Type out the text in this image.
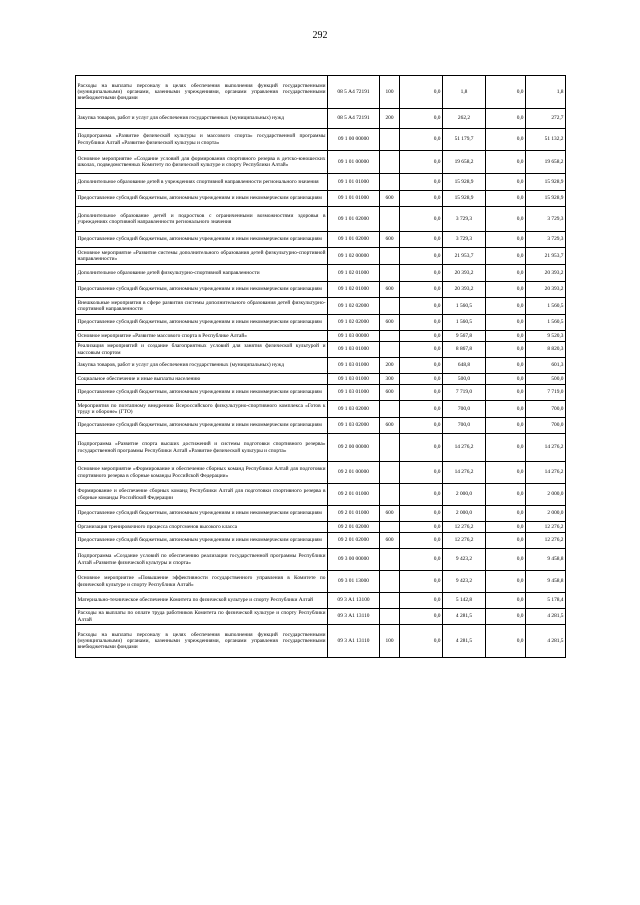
292
Расходы на выплаты персоналу в целях обеспечения выполнения функций государственными (муниципальными) органами, казенными учреждениями, органами управления государственными внебюджетными фондами	08 5 А4 72191	100	0,0	1,8	0,0	1,8
Закупка товаров, работ и услуг для обеспечения государственных (муниципальных) нужд	08 5 А4 72191	200	0,0	262,2	0,0	272,7
Подпрограмма «Развитие физической культуры и массового спорта» государственной программы Республики Алтай «Развитие физической культуры и спорта»	09 1 00 00000		0,0	51 179,7	0,0	51 132,2
Основное мероприятие «Создание условий для формирования спортивного резерва в детско-юношеских школах, подведомственных Комитету по физической культуре и спорту Республики Алтай»	09 1 01 00000		0,0	19 658,2	0,0	19 658,2
Дополнительное образование детей в учреждениях спортивной направленности регионального значения	09 1 01 01000		0,0	15 928,9	0,0	15 928,9
Предоставление субсидий бюджетным, автономным учреждениям и иным некоммерческим организациям	09 1 01 01000	600	0,0	15 928,9	0,0	15 928,9
Дополнительное образование детей и подростков с ограниченными возможностями здоровья в учреждениях спортивной направленности регионального значения	09 1 01 02000		0,0	3 729,3	0,0	3 729,3
Предоставление субсидий бюджетным, автономным учреждениям и иным некоммерческим организациям	09 1 01 02000	600	0,0	3 729,3	0,0	3 729,3
Основное мероприятие «Развитие системы дополнительного образования детей физкультурно-спортивной направленности»	09 1 02 00000		0,0	21 953,7	0,0	21 953,7
Дополнительное образование детей физкультурно-спортивной направленности	09 1 02 01000		0,0	20 393,2	0,0	20 393,2
Предоставление субсидий бюджетным, автономным учреждениям и иным некоммерческим организациям	09 1 02 01000	600	0,0	20 393,2	0,0	20 393,2
Внешкольные мероприятия в сфере развития системы дополнительного образования детей физкультурно-спортивной направленности	09 1 02 02000		0,0	1 560,5	0,0	1 560,5
Предоставление субсидий бюджетным, автономным учреждениям и иным некоммерческим организациям	09 1 02 02000	600	0,0	1 560,5	0,0	1 560,5
Основное мероприятие «Развитие массового спорта в Республике Алтай»	09 1 03 00000		0,0	9 567,8	0,0	9 520,3
Реализация мероприятий и создание благоприятных условий для занятия физической культурой и массовым спортом	09 1 03 01000		0,0	8 867,8	0,0	8 820,3
Закупка товаров, работ и услуг для обеспечения государственных (муниципальных) нужд	09 1 03 01000	200	0,0	648,8	0,0	601,3
Социальное обеспечение и иные выплаты населению	09 1 03 01000	300	0,0	500,0	0,0	500,0
Предоставление субсидий бюджетным, автономным учреждениям и иным некоммерческим организациям	09 1 03 01000	600	0,0	7 719,0	0,0	7 719,0
Мероприятия по поэтапному внедрению Всероссийского физкультурно-спортивного комплекса «Готов к труду и обороне» (ГТО)	09 1 03 02000		0,0	700,0	0,0	700,0
Предоставление субсидий бюджетным, автономным учреждениям и иным некоммерческим организациям	09 1 03 02000	600	0,0	700,0	0,0	700,0
Подпрограмма «Развитие спорта высших достижений и системы подготовки спортивного резерва» государственной программы Республики Алтай «Развитие физической культуры и спорта»	09 2 00 00000		0,0	14 276,2	0,0	14 276,2
Основное мероприятие «Формирование и обеспечение сборных команд Республики Алтай для подготовки спортивного резерва в сборные команды Российской Федерации»	09 2 01 00000		0,0	14 276,2	0,0	14 276,2
Формирование и обеспечение сборных команд Республики Алтай для подготовки спортивного резерва в сборные команды Российской Федерации	09 2 01 01000		0,0	2 000,0	0,0	2 000,0
Предоставление субсидий бюджетным, автономным учреждениям и иным некоммерческим организациям	09 2 01 01000	600	0,0	2 000,0	0,0	2 000,0
Организация тренировочного процесса спортсменов высокого класса	09 2 01 02000		0,0	12 276,2	0,0	12 276,2
Предоставление субсидий бюджетным, автономным учреждениям и иным некоммерческим организациям	09 2 01 02000	600	0,0	12 276,2	0,0	12 276,2
Подпрограмма «Создание условий по обеспечению реализации государственной программы Республики Алтай «Развитие физической культуры и спорта»	09 3 00 00000		0,0	9 423,2	0,0	9 458,8
Основное мероприятие «Повышение эффективности государственного управления в Комитете по физической культуре и спорту Республики Алтай»	09 3 01 13000		0,0	9 423,2	0,0	9 458,8
Материально-техническое обеспечение Комитета по физической культуре и спорту Республики Алтай	09 3 А1 13100		0,0	5 142,8	0,0	5 178,4
Расходы на выплаты по оплате труда работников Комитета по физической культуре и спорту Республики Алтай	09 3 А1 13110		0,0	4 281,5	0,0	4 281,5
Расходы на выплаты персоналу в целях обеспечения выполнения функций государственными (муниципальными) органами, казенными учреждениями, органами управления государственными внебюджетными фондами	09 3 А1 13110	100	0,0	4 281,5	0,0	4 281,5
